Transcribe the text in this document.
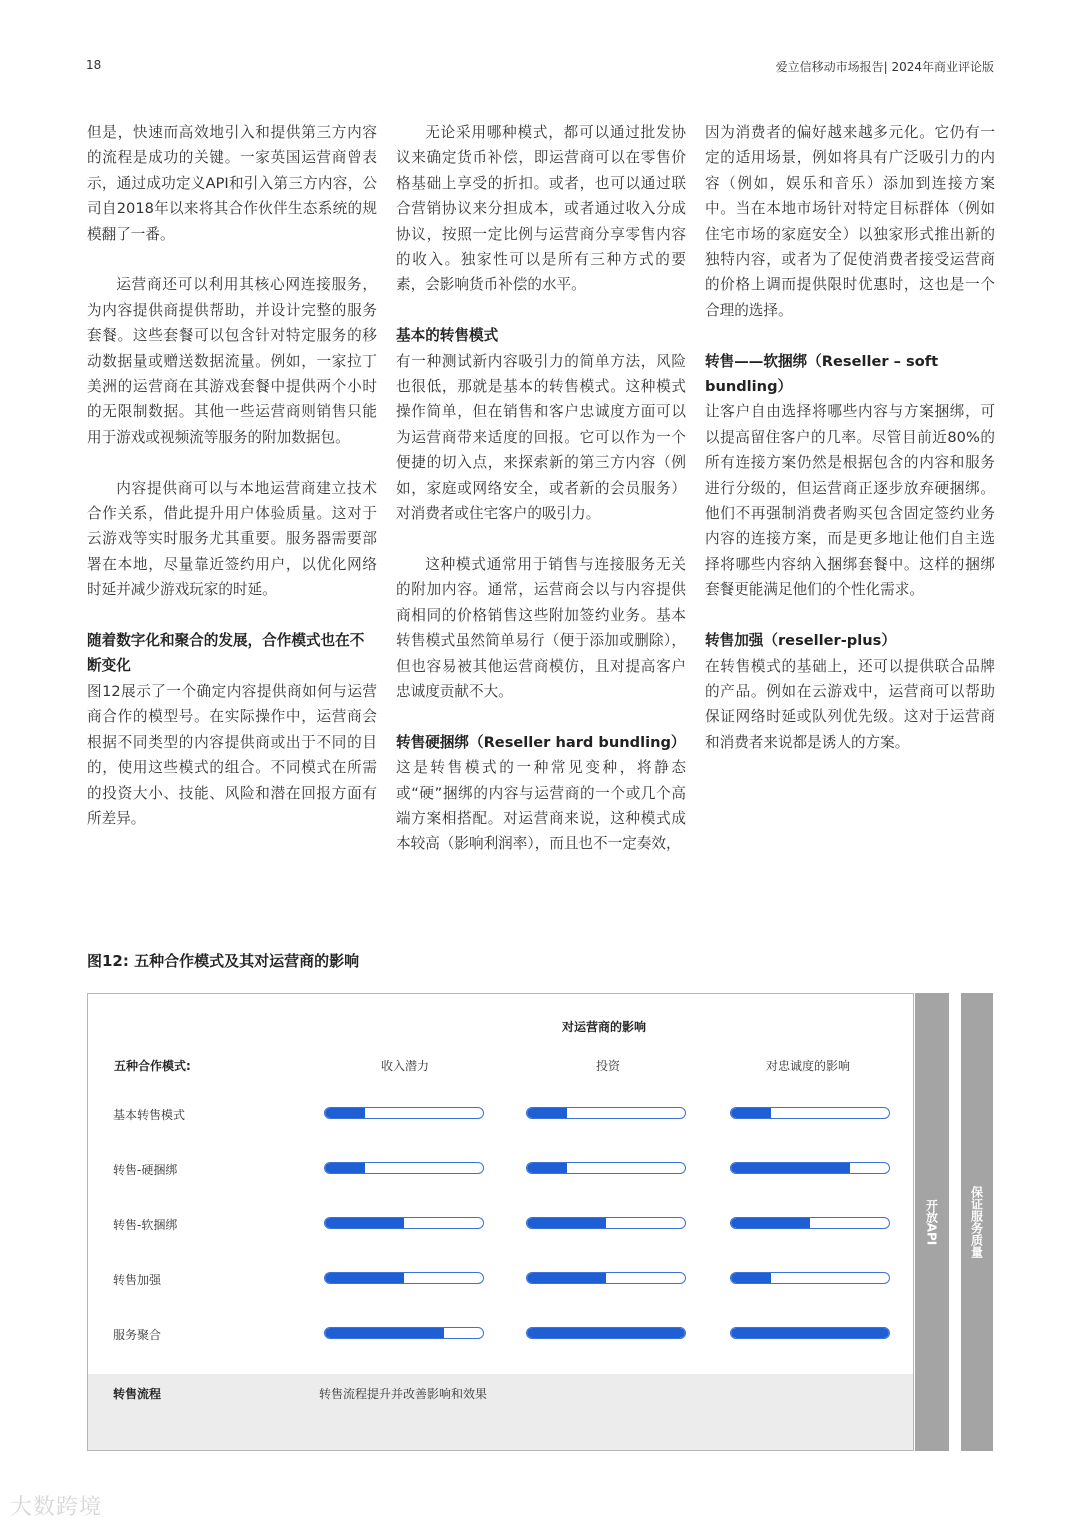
18	爱立信移动市场报告| 2024年商业评论版

但是，快速而高效地引入和提供第三方内容的流程是成功的关键。一家英国运营商曾表示，通过成功定义API和引入第三方内容，公司自2018年以来将其合作伙伴生态系统的规模翻了一番。

运营商还可以利用其核心网连接服务，为内容提供商提供帮助，并设计完整的服务套餐。这些套餐可以包含针对特定服务的移动数据量或赠送数据流量。例如，一家拉丁美洲的运营商在其游戏套餐中提供两个小时的无限制数据。其他一些运营商则销售只能用于游戏或视频流等服务的附加数据包。

内容提供商可以与本地运营商建立技术合作关系，借此提升用户体验质量。这对于云游戏等实时服务尤其重要。服务器需要部署在本地，尽量靠近签约用户，以优化网络时延并减少游戏玩家的时延。

随着数字化和聚合的发展，合作模式也在不断变化

图12展示了一个确定内容提供商如何与运营商合作的模型号。在实际操作中，运营商会根据不同类型的内容提供商或出于不同的目的，使用这些模式的组合。不同模式在所需的投资大小、技能、风险和潜在回报方面有所差异。

无论采用哪种模式，都可以通过批发协议来确定货币补偿，即运营商可以在零售价格基础上享受的折扣。或者，也可以通过联合营销协议来分担成本，或者通过收入分成协议，按照一定比例与运营商分享零售内容的收入。独家性可以是所有三种方式的要素，会影响货币补偿的水平。

基本的转售模式

有一种测试新内容吸引力的简单方法，风险也很低，那就是基本的转售模式。这种模式操作简单，但在销售和客户忠诚度方面可以为运营商带来适度的回报。它可以作为一个便捷的切入点，来探索新的第三方内容（例如，家庭或网络安全，或者新的会员服务）对消费者或住宅客户的吸引力。

这种模式通常用于销售与连接服务无关的附加内容。通常，运营商会以与内容提供商相同的价格销售这些附加签约业务。基本转售模式虽然简单易行（便于添加或删除），但也容易被其他运营商模仿，且对提高客户忠诚度贡献不大。

转售硬捆绑（Reseller hard bundling）

这是转售模式的一种常见变种，将静态或“硬”捆绑的内容与运营商的一个或几个高端方案相搭配。对运营商来说，这种模式成本较高（影响利润率），而且也不一定奏效，

因为消费者的偏好越来越多元化。它仍有一定的适用场景，例如将具有广泛吸引力的内容（例如，娱乐和音乐）添加到连接方案中。当在本地市场针对特定目标群体（例如住宅市场的家庭安全）以独家形式推出新的独特内容，或者为了促使消费者接受运营商的价格上调而提供限时优惠时，这也是一个合理的选择。

转售——软捆绑（Reseller – soft bundling）

让客户自由选择将哪些内容与方案捆绑，可以提高留住客户的几率。尽管目前近80%的所有连接方案仍然是根据包含的内容和服务进行分级的，但运营商正逐步放弃硬捆绑。他们不再强制消费者购买包含固定签约业务内容的连接方案，而是更多地让他们自主选择将哪些内容纳入捆绑套餐中。这样的捆绑套餐更能满足他们的个性化需求。

转售加强（reseller-plus）

在转售模式的基础上，还可以提供联合品牌的产品。例如在云游戏中，运营商可以帮助保证网络时延或队列优先级。这对于运营商和消费者来说都是诱人的方案。

图12: 五种合作模式及其对运营商的影响
对运营商的影响
五种合作模式:	收入潜力	投资	对忠诚度的影响
基本转售模式
转售-硬捆绑
转售-软捆绑
转售加强
服务聚合
转售流程	转售流程提升并改善影响和效果
开放API	保证服务质量
大数跨境
